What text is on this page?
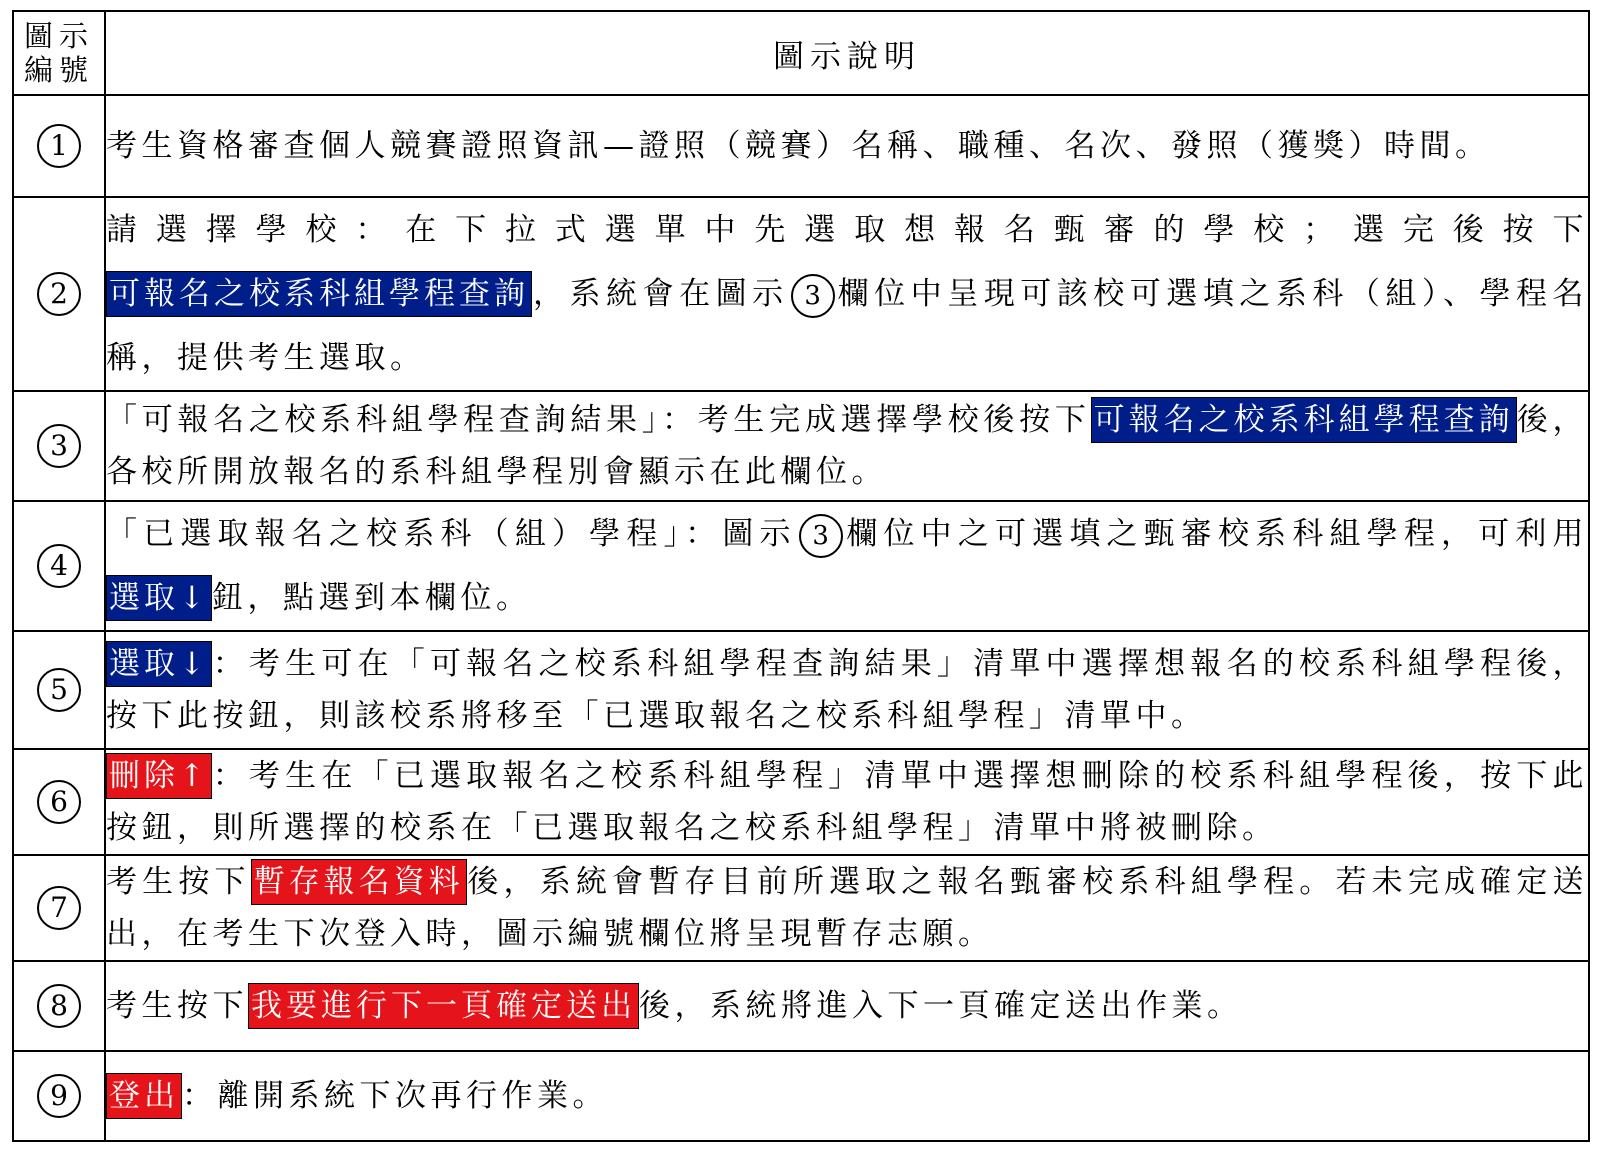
圖示
編號	圖示說明
1	考生資格審查個人競賽證照資訊—證照（競賽）名稱、職種、名次、發照（獲獎）時間。
2	請選擇學校：在下拉式選單中先選取想報名甄審的學校；選完後按下可報名之校系科組學程查詢，系統會在圖示 3 欄位中呈現可該校可選填之系科（組）、學程名稱，提供考生選取。
3	「可報名之校系科組學程查詢結果」：考生完成選擇學校後按下可報名之校系科組學程查詢後，各校所開放報名的系科組學程別會顯示在此欄位。
4	「已選取報名之校系科（組）學程」：圖示 3 欄位中之可選填之甄審校系科組學程，可利用選取↓鈕，點選到本欄位。
5	選取↓：考生可在「可報名之校系科組學程查詢結果」清單中選擇想報名的校系科組學程後，按下此按鈕，則該校系將移至「已選取報名之校系科組學程」清單中。
6	刪除↑：考生在「已選取報名之校系科組學程」清單中選擇想刪除的校系科組學程後，按下此按鈕，則所選擇的校系在「已選取報名之校系科組學程」清單中將被刪除。
7	考生按下暫存報名資料後，系統會暫存目前所選取之報名甄審校系科組學程。若未完成確定送出，在考生下次登入時，圖示編號欄位將呈現暫存志願。
8	考生按下我要進行下一頁確定送出後，系統將進入下一頁確定送出作業。
9	登出：離開系統下次再行作業。
